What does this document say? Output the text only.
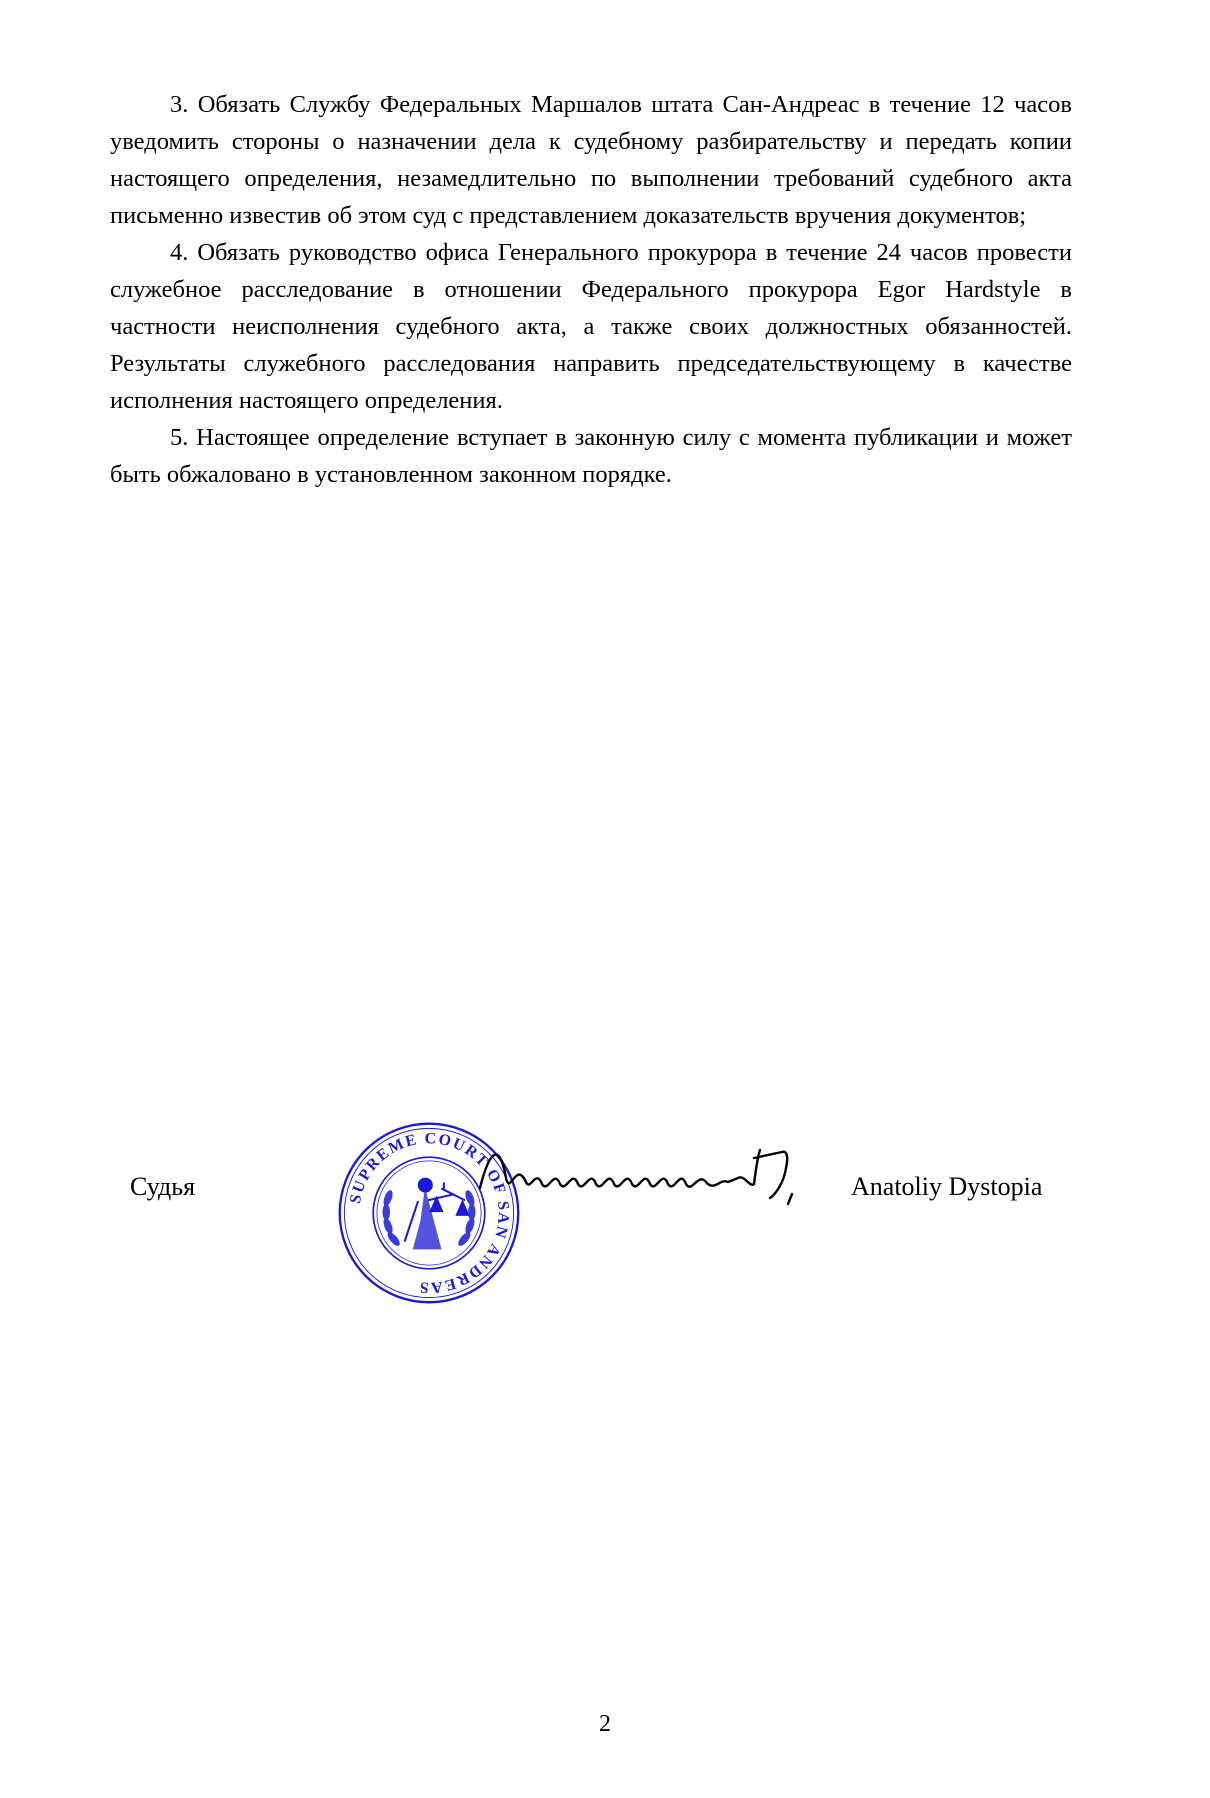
3. Обязать Службу Федеральных Маршалов штата Сан-Андреас в течение 12 часов уведомить стороны о назначении дела к судебному разбирательству и передать копии настоящего определения, незамедлительно по выполнении требований судебного акта письменно известив об этом суд с представлением доказательств вручения документов;

4. Обязать руководство офиса Генерального прокурора в течение 24 часов провести служебное расследование в отношении Федерального прокурора Egor Hardstyle в частности неисполнения судебного акта, а также своих должностных обязанностей. Результаты служебного расследования направить председательствующему в качестве исполнения настоящего определения.

5. Настоящее определение вступает в законную силу с момента публикации и может быть обжаловано в установленном законном порядке.

Судья	SUPREME COURT OF SAN ANDREAS
Anatoliy Dystopia
2
